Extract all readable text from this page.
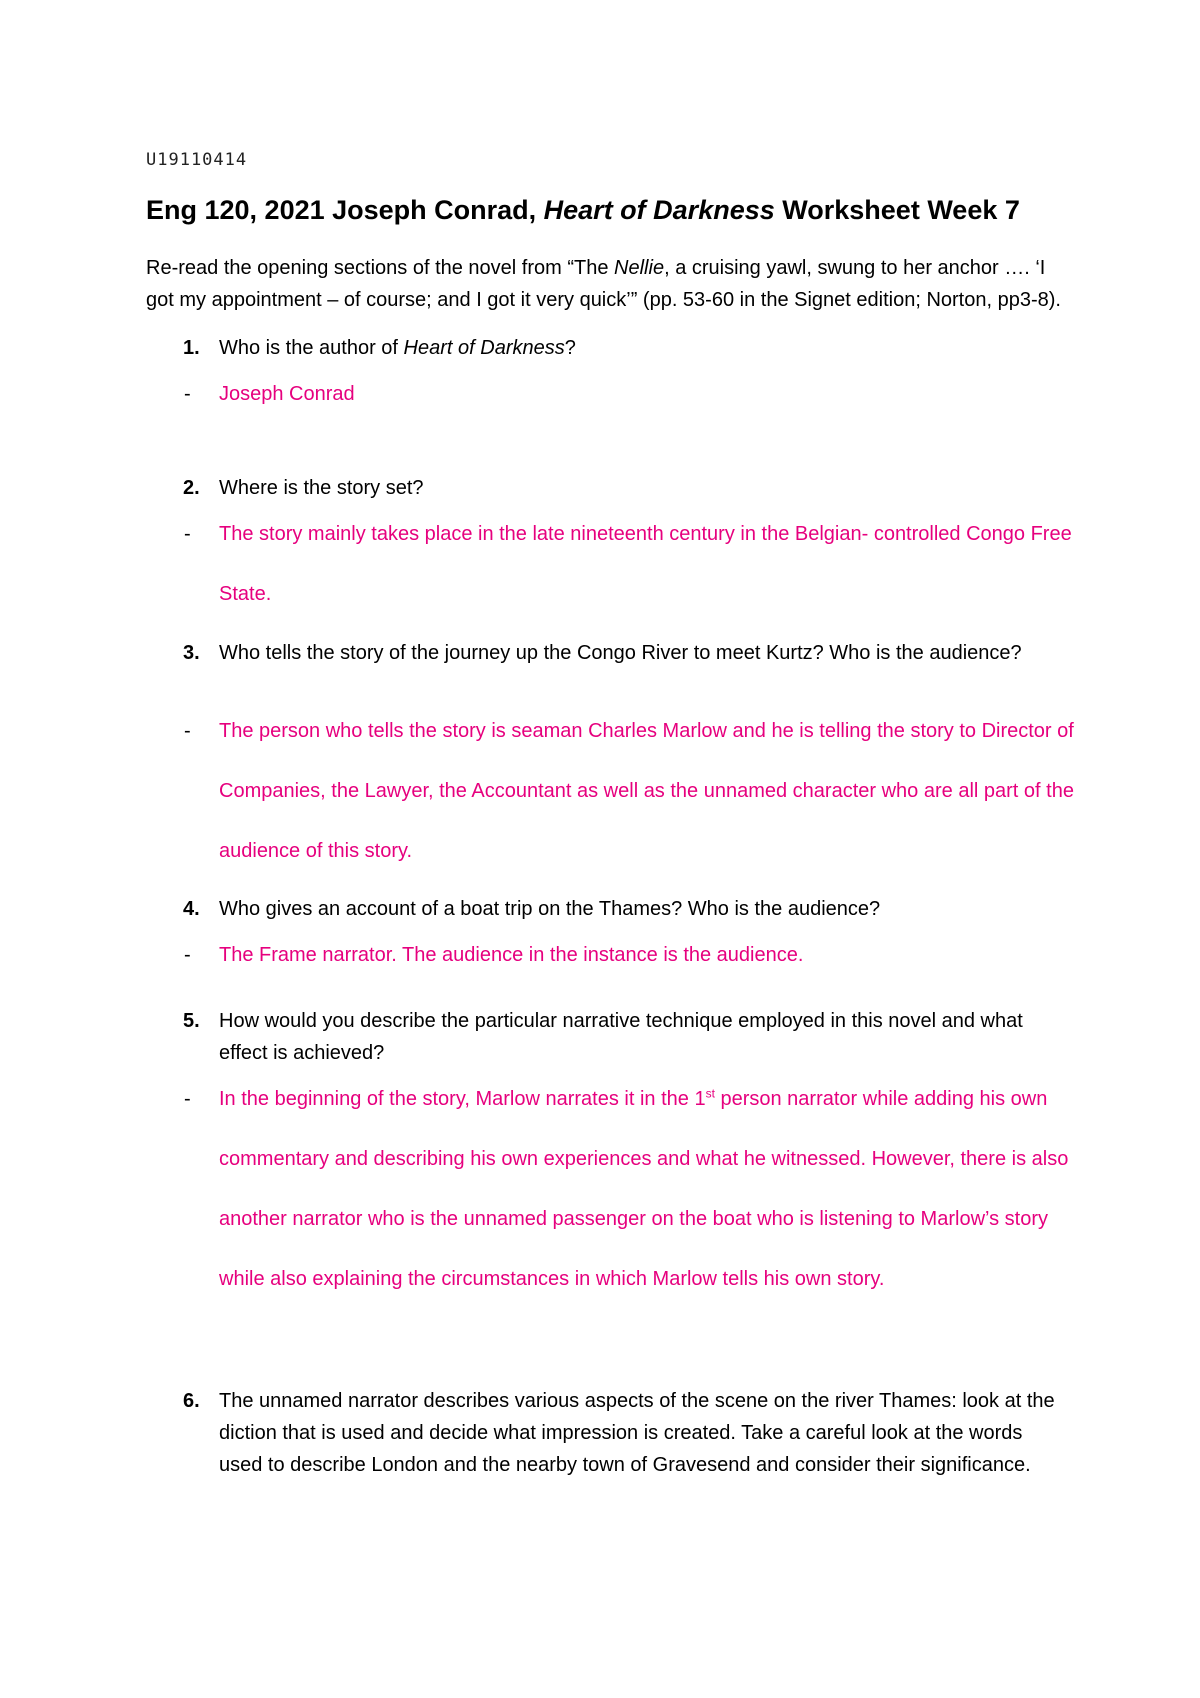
U19110414
Eng 120, 2021 Joseph Conrad, Heart of Darkness Worksheet Week 7

Re-read the opening sections of the novel from “The Nellie, a cruising yawl, swung to her anchor …. ‘I got my appointment – of course; and I got it very quick’” (pp. 53-60 in the Signet edition; Norton, pp3-8).

1. Who is the author of Heart of Darkness?
- Joseph Conrad
2. Where is the story set?
- The story mainly takes place in the late nineteenth century in the Belgian- controlled Congo Free State.
3. Who tells the story of the journey up the Congo River to meet Kurtz? Who is the audience?
- The person who tells the story is seaman Charles Marlow and he is telling the story to Director of Companies, the Lawyer, the Accountant as well as the unnamed character who are all part of the audience of this story.
4. Who gives an account of a boat trip on the Thames? Who is the audience?
- The Frame narrator. The audience in the instance is the audience.
5. How would you describe the particular narrative technique employed in this novel and what effect is achieved?
- In the beginning of the story, Marlow narrates it in the 1st person narrator while adding his own commentary and describing his own experiences and what he witnessed. However, there is also another narrator who is the unnamed passenger on the boat who is listening to Marlow’s story while also explaining the circumstances in which Marlow tells his own story.
6. The unnamed narrator describes various aspects of the scene on the river Thames: look at the diction that is used and decide what impression is created. Take a careful look at the words used to describe London and the nearby town of Gravesend and consider their significance.
